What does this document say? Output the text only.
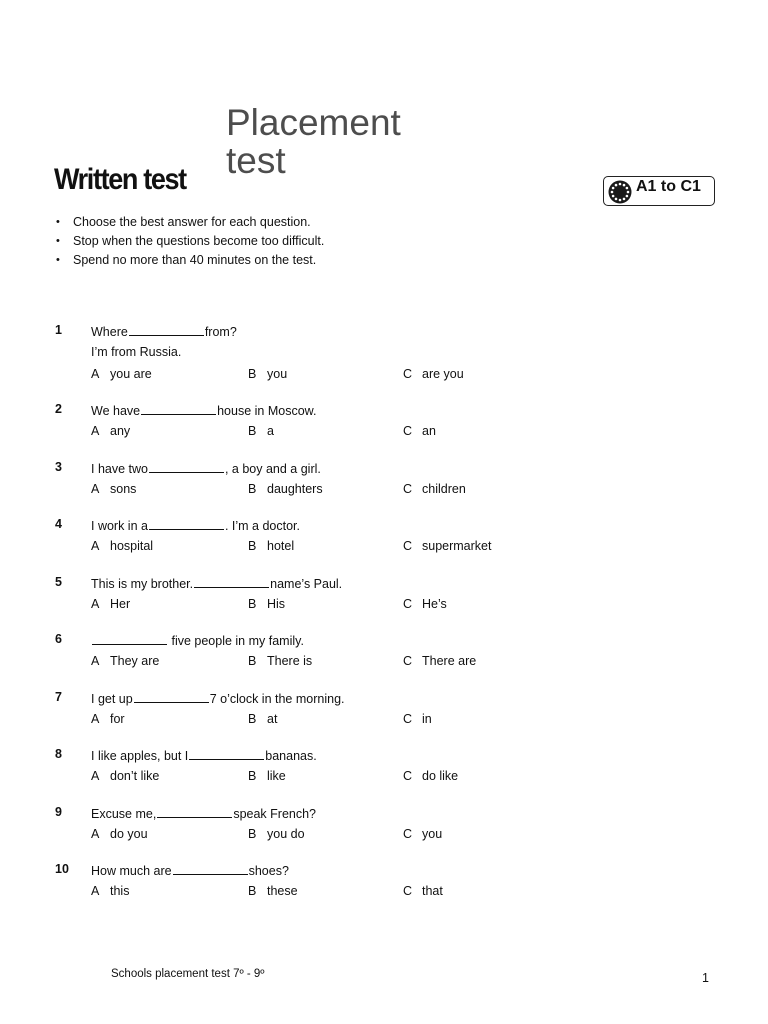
Placement
test
Written test	A1 to C1
• Choose the best answer for each question.
• Stop when the questions become too difficult.
• Spend no more than 40 minutes on the test.
1 Where	from?
I’m from Russia.
A you are	B you	C are you
2 We have	house in Moscow.
A any	B a	C an
3 I have two	, a boy and a girl.
A sons	B daughters	C children
4 I work in a	. I’m a doctor.
A hospital	B hotel	C supermarket
5 This is my brother.	name’s Paul.
A Her	B His	C He’s
6	five people in my family.
A They are	B There is	C There are
7 I get up	7 o’clock in the morning.
A for	B at	C in
8 I like apples, but I	bananas.
A don’t like	B like	C do like
9 Excuse me,	speak French?
A do you	B you do	C you
10 How much are	shoes?
A this	B these	C that
Schools placement test 7º - 9º	1
